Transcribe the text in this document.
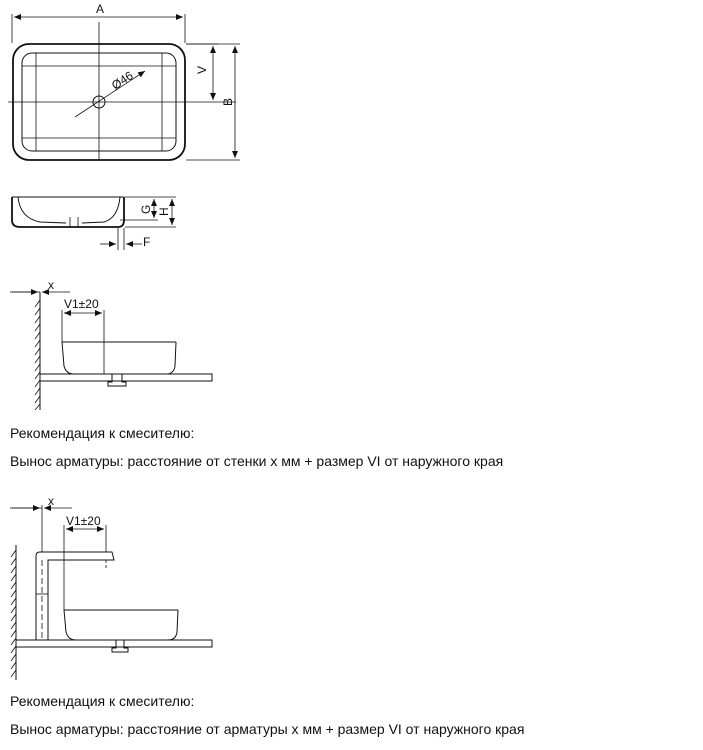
A
Ø46	V
B
G H
F
x
V1±20
x
V1±20
Рекомендация к смесителю:
Вынос арматуры: расстояние от стенки x мм + размер VI от наружного края
Рекомендация к смесителю:
Вынос арматуры: расстояние от арматуры x мм + размер VI от наружного края
